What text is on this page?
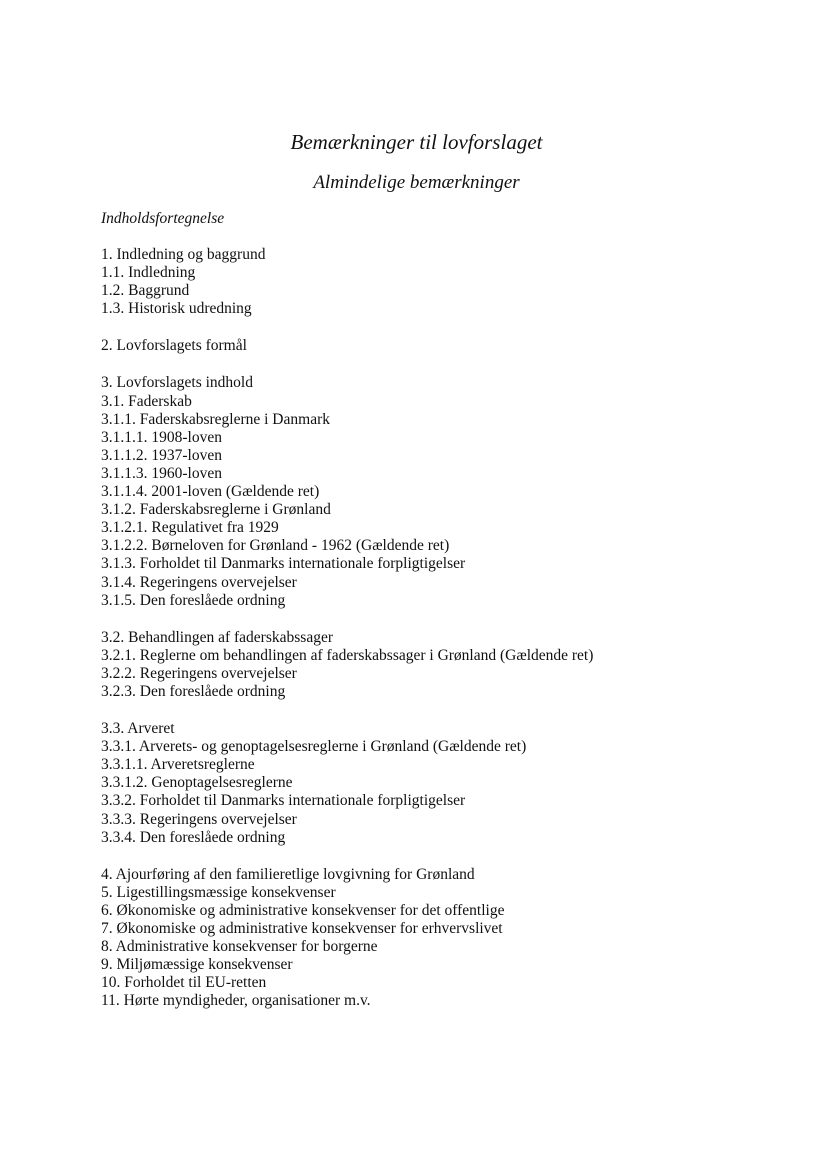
Bemærkninger til lovforslaget
Almindelige bemærkninger
Indholdsfortegnelse
1. Indledning og baggrund
1.1. Indledning
1.2. Baggrund
1.3. Historisk udredning
2. Lovforslagets formål
3. Lovforslagets indhold
3.1. Faderskab
3.1.1. Faderskabsreglerne i Danmark
3.1.1.1. 1908-loven
3.1.1.2. 1937-loven
3.1.1.3. 1960-loven
3.1.1.4. 2001-loven (Gældende ret)
3.1.2. Faderskabsreglerne i Grønland
3.1.2.1. Regulativet fra 1929
3.1.2.2. Børneloven for Grønland - 1962 (Gældende ret)
3.1.3. Forholdet til Danmarks internationale forpligtigelser
3.1.4. Regeringens overvejelser
3.1.5. Den foreslåede ordning
3.2. Behandlingen af faderskabssager
3.2.1. Reglerne om behandlingen af faderskabssager i Grønland (Gældende ret)
3.2.2. Regeringens overvejelser
3.2.3. Den foreslåede ordning
3.3. Arveret
3.3.1. Arverets- og genoptagelsesreglerne i Grønland (Gældende ret)
3.3.1.1. Arveretsreglerne
3.3.1.2. Genoptagelsesreglerne
3.3.2. Forholdet til Danmarks internationale forpligtigelser
3.3.3. Regeringens overvejelser
3.3.4. Den foreslåede ordning
4. Ajourføring af den familieretlige lovgivning for Grønland
5. Ligestillingsmæssige konsekvenser
6. Økonomiske og administrative konsekvenser for det offentlige
7. Økonomiske og administrative konsekvenser for erhvervslivet
8. Administrative konsekvenser for borgerne
9. Miljømæssige konsekvenser
10. Forholdet til EU-retten
11. Hørte myndigheder, organisationer m.v.
